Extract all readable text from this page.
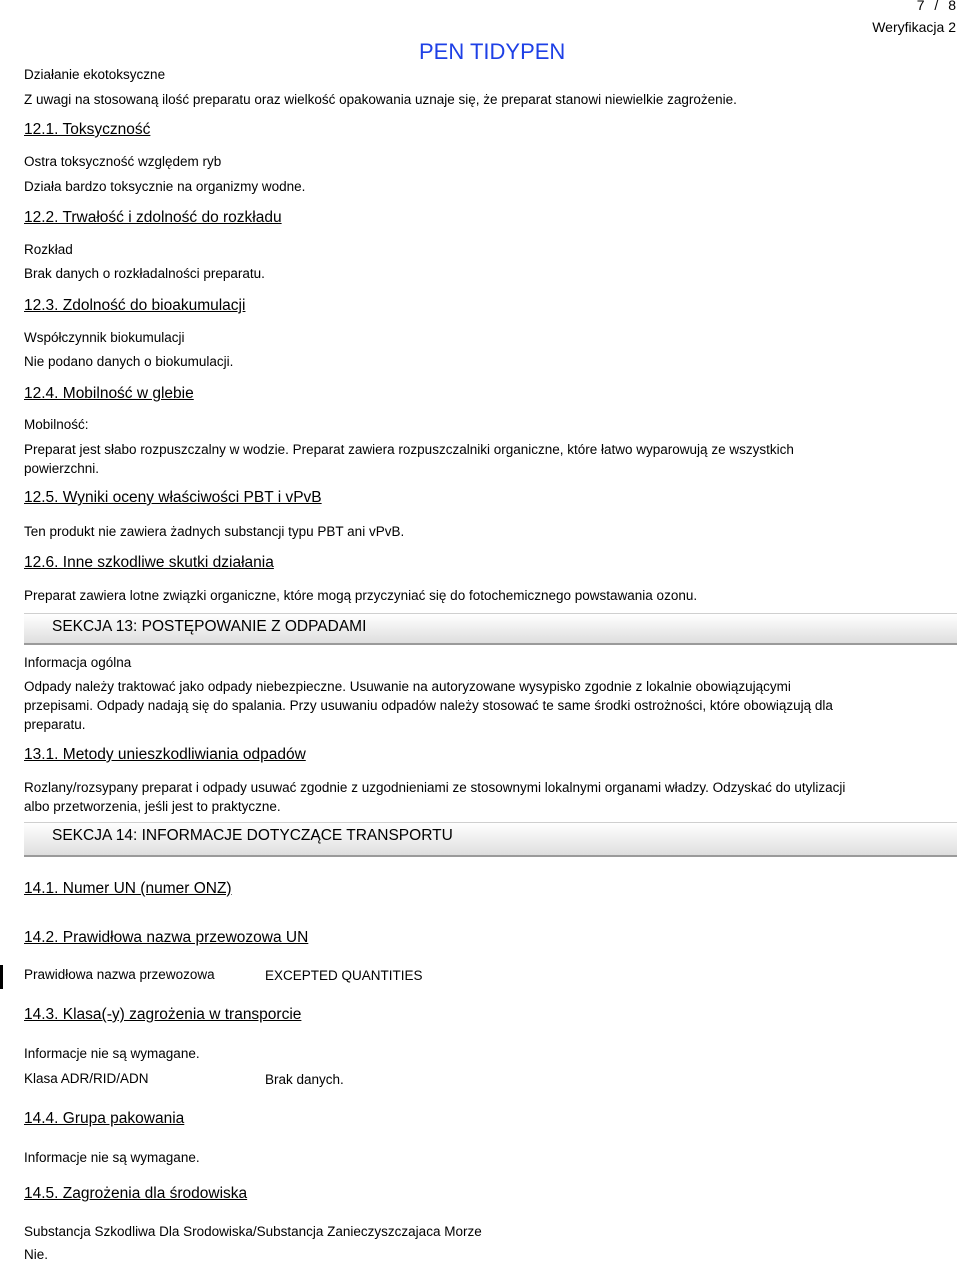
7 / 8
Weryfikacja 2
PEN TIDYPEN
Działanie ekotoksyczne
Z uwagi na stosowaną ilość preparatu oraz wielkość opakowania uznaje się, że preparat stanowi niewielkie zagrożenie.
12.1. Toksyczność
Ostra toksyczność względem ryb
Działa bardzo toksycznie na organizmy wodne.
12.2. Trwałość i zdolność do rozkładu
Rozkład
Brak danych o rozkładalności preparatu.
12.3. Zdolność do bioakumulacji
Współczynnik biokumulacji
Nie podano danych o biokumulacji.
12.4. Mobilność w glebie
Mobilność:
Preparat jest słabo rozpuszczalny w wodzie. Preparat zawiera rozpuszczalniki organiczne, które łatwo wyparowują ze wszystkich
powierzchni.
12.5. Wyniki oceny właściwości PBT i vPvB
Ten produkt nie zawiera żadnych substancji typu PBT ani vPvB.
12.6. Inne szkodliwe skutki działania
Preparat zawiera lotne związki organiczne, które mogą przyczyniać się do fotochemicznego powstawania ozonu.
SEKCJA 13: POSTĘPOWANIE Z ODPADAMI
Informacja ogólna
Odpady należy traktować jako odpady niebezpieczne. Usuwanie na autoryzowane wysypisko zgodnie z lokalnie obowiązującymi
przepisami. Odpady nadają się do spalania. Przy usuwaniu odpadów należy stosować te same środki ostrożności, które obowiązują dla
preparatu.
13.1. Metody unieszkodliwiania odpadów
Rozlany/rozsypany preparat i odpady usuwać zgodnie z uzgodnieniami ze stosownymi lokalnymi organami władzy. Odzyskać do utylizacji
albo przetworzenia, jeśli jest to praktyczne.
SEKCJA 14: INFORMACJE DOTYCZĄCE TRANSPORTU
14.1. Numer UN (numer ONZ)
14.2. Prawidłowa nazwa przewozowa UN
Prawidłowa nazwa przewozowa	EXCEPTED QUANTITIES
14.3. Klasa(-y) zagrożenia w transporcie
Informacje nie są wymagane.
Klasa ADR/RID/ADN	Brak danych.
14.4. Grupa pakowania
Informacje nie są wymagane.
14.5. Zagrożenia dla środowiska
Substancja Szkodliwa Dla Srodowiska/Substancja Zanieczyszczajaca Morze
Nie.
